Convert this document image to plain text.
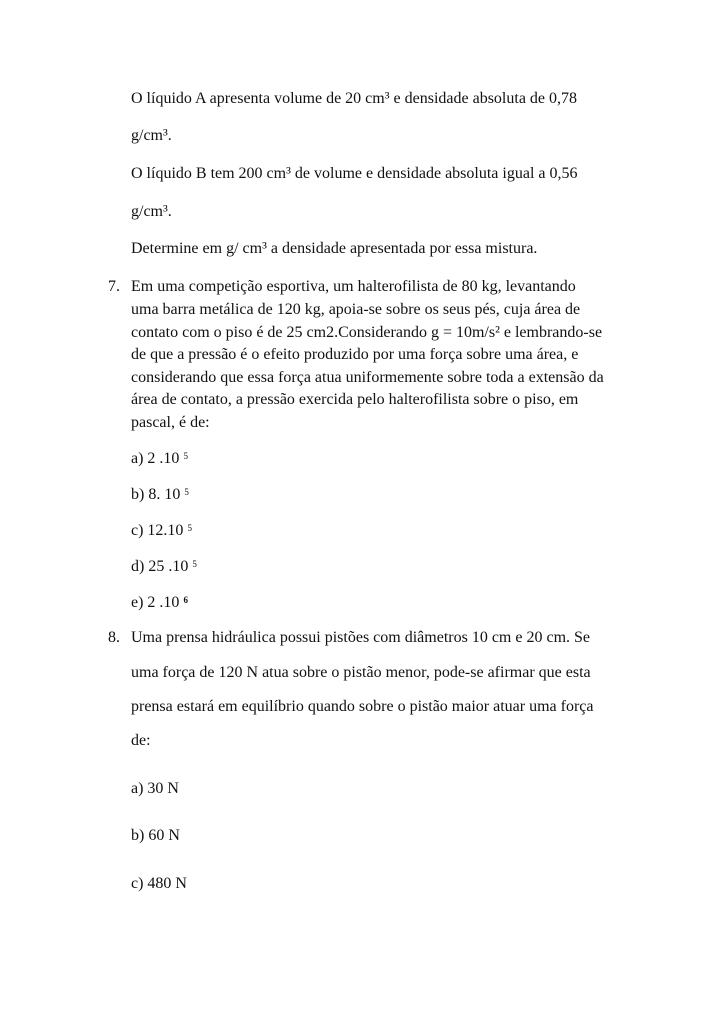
O líquido A apresenta volume de 20 cm³ e densidade absoluta de 0,78
g/cm³.
O líquido B tem 200 cm³ de volume e densidade absoluta igual a 0,56
g/cm³.
Determine em g/ cm³ a densidade apresentada por essa mistura.
7. Em uma competição esportiva, um halterofilista de 80 kg, levantando
uma barra metálica de 120 kg, apoia-se sobre os seus pés, cuja área de
contato com o piso é de 25 cm2.Considerando g = 10m/s² e lembrando-se
de que a pressão é o efeito produzido por uma força sobre uma área, e
considerando que essa força atua uniformemente sobre toda a extensão da
área de contato, a pressão exercida pelo halterofilista sobre o piso, em
pascal, é de:
a) 2 .10 $^5$
b) 8. 10 $^5$
c) 12.10 $^5$
d) 25 .10 $^5$
e) 2 .10 $^6$
8. Uma prensa hidráulica possui pistões com diâmetros 10 cm e 20 cm. Se
uma força de 120 N atua sobre o pistão menor, pode-se afirmar que esta
prensa estará em equilíbrio quando sobre o pistão maior atuar uma força
de:
a) 30 N
b) 60 N
c) 480 N
